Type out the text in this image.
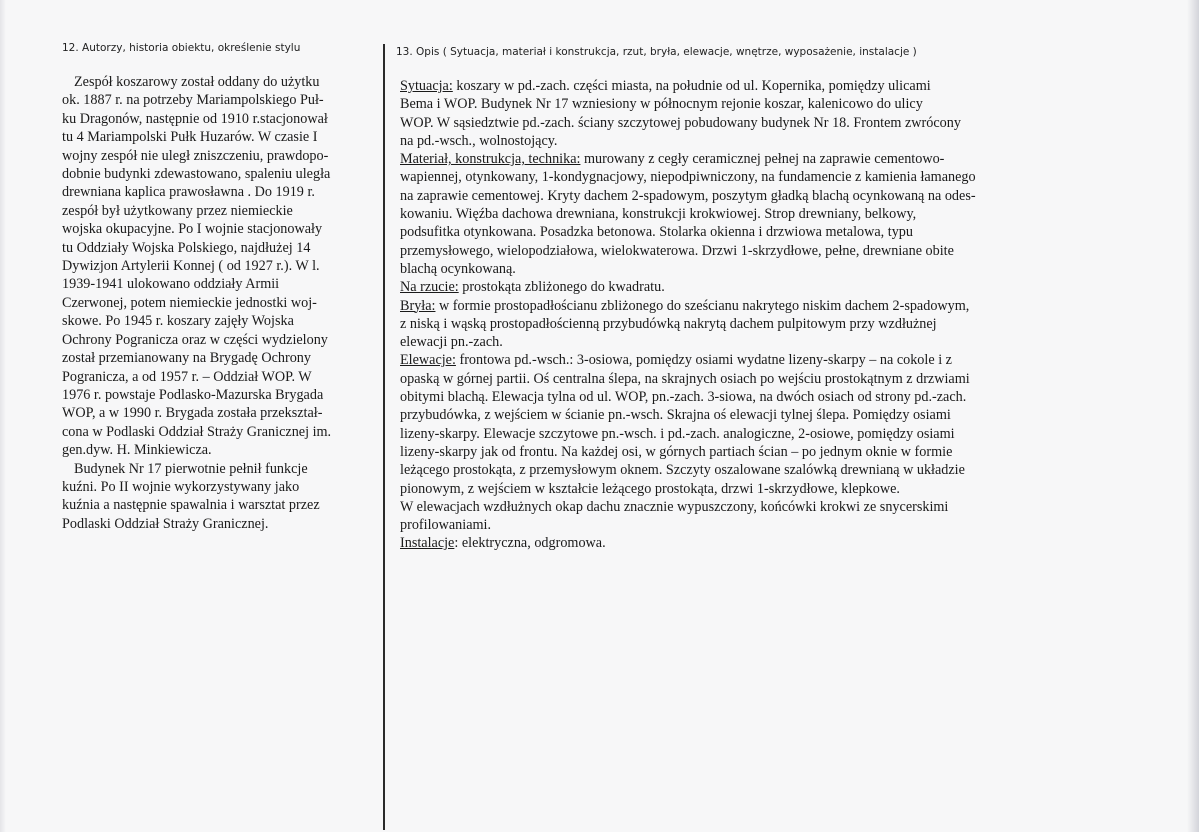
12. Autorzy, historia obiektu, określenie stylu	13. Opis ( Sytuacja, materiał i konstrukcja, rzut, bryła, elewacje, wnętrze, wyposażenie, instalacje )
Zespół koszarowy został oddany do użytku
ok. 1887 r. na potrzeby Mariampolskiego Puł-
ku Dragonów, następnie od 1910 r.stacjonował
tu 4 Mariampolski Pułk Huzarów. W czasie I
wojny zespół nie uległ zniszczeniu, prawdopo-
dobnie budynki zdewastowano, spaleniu uległa
drewniana kaplica prawosławna . Do 1919 r.
zespół był użytkowany przez niemieckie
wojska okupacyjne. Po I wojnie stacjonowały
tu Oddziały Wojska Polskiego, najdłużej 14
Dywizjon Artylerii Konnej ( od 1927 r.). W l.
1939-1941 ulokowano oddziały Armii
Czerwonej, potem niemieckie jednostki woj-
skowe. Po 1945 r. koszary zajęły Wojska
Ochrony Pogranicza oraz w części wydzielony
został przemianowany na Brygadę Ochrony
Pogranicza, a od 1957 r. – Oddział WOP. W
1976 r. powstaje Podlasko-Mazurska Brygada
WOP, a w 1990 r. Brygada została przekształ-
cona w Podlaski Oddział Straży Granicznej im.
gen.dyw. H. Minkiewicza.
Budynek Nr 17 pierwotnie pełnił funkcje
kuźni. Po II wojnie wykorzystywany jako
kuźnia a następnie spawalnia i warsztat przez
Podlaski Oddział Straży Granicznej.
Sytuacja: koszary w pd.-zach. części miasta, na południe od ul. Kopernika, pomiędzy ulicami
Bema i WOP. Budynek Nr 17 wzniesiony w północnym rejonie koszar, kalenicowo do ulicy
WOP. W sąsiedztwie pd.-zach. ściany szczytowej pobudowany budynek Nr 18. Frontem zwrócony
na pd.-wsch., wolnostojący.
Materiał, konstrukcja, technika: murowany z cegły ceramicznej pełnej na zaprawie cementowo-
wapiennej, otynkowany, 1-kondygnacjowy, niepodpiwniczony, na fundamencie z kamienia łamanego
na zaprawie cementowej. Kryty dachem 2-spadowym, poszytym gładką blachą ocynkowaną na odes-
kowaniu. Więźba dachowa drewniana, konstrukcji krokwiowej. Strop drewniany, belkowy,
podsufitka otynkowana. Posadzka betonowa. Stolarka okienna i drzwiowa metalowa, typu
przemysłowego, wielopodziałowa, wielokwaterowa. Drzwi 1-skrzydłowe, pełne, drewniane obite
blachą ocynkowaną.
Na rzucie: prostokąta zbliżonego do kwadratu.
Bryła: w formie prostopadłościanu zbliżonego do sześcianu nakrytego niskim dachem 2-spadowym,
z niską i wąską prostopadłościenną przybudówką nakrytą dachem pulpitowym przy wzdłużnej
elewacji pn.-zach.
Elewacje: frontowa pd.-wsch.: 3-osiowa, pomiędzy osiami wydatne lizeny-skarpy – na cokole i z
opaską w górnej partii. Oś centralna ślepa, na skrajnych osiach po wejściu prostokątnym z drzwiami
obitymi blachą. Elewacja tylna od ul. WOP, pn.-zach. 3-siowa, na dwóch osiach od strony pd.-zach.
przybudówka, z wejściem w ścianie pn.-wsch. Skrajna oś elewacji tylnej ślepa. Pomiędzy osiami
lizeny-skarpy. Elewacje szczytowe pn.-wsch. i pd.-zach. analogiczne, 2-osiowe, pomiędzy osiami
lizeny-skarpy jak od frontu. Na każdej osi, w górnych partiach ścian – po jednym oknie w formie
leżącego prostokąta, z przemysłowym oknem. Szczyty oszalowane szalówką drewnianą w układzie
pionowym, z wejściem w kształcie leżącego prostokąta, drzwi 1-skrzydłowe, klepkowe.
W elewacjach wzdłużnych okap dachu znacznie wypuszczony, końcówki krokwi ze snycerskimi
profilowaniami.
Instalacje: elektryczna, odgromowa.
